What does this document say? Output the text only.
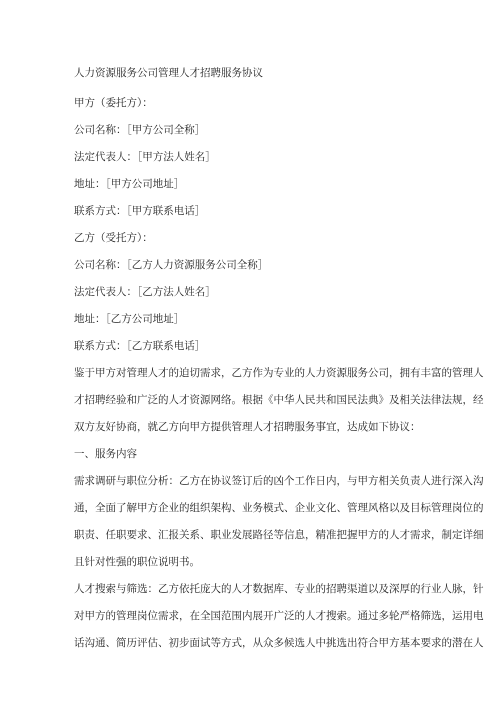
人力资源服务公司管理人才招聘服务协议
甲方（委托方）：
公司名称：［甲方公司全称］
法定代表人：［甲方法人姓名］
地址：［甲方公司地址］
联系方式：［甲方联系电话］
乙方（受托方）：
公司名称：［乙方人力资源服务公司全称］
法定代表人：［乙方法人姓名］
地址：［乙方公司地址］
联系方式：［乙方联系电话］
鉴于甲方对管理人才的迫切需求，乙方作为专业的人力资源服务公司，拥有丰富的管理人
才招聘经验和广泛的人才资源网络。根据《中华人民共和国民法典》及相关法律法规，经
双方友好协商，就乙方向甲方提供管理人才招聘服务事宜，达成如下协议：
一、服务内容
需求调研与职位分析：乙方在协议签订后的凶个工作日内，与甲方相关负责人进行深入沟
通，全面了解甲方企业的组织架构、业务模式、企业文化、管理风格以及目标管理岗位的
职责、任职要求、汇报关系、职业发展路径等信息，精准把握甲方的人才需求，制定详细
且针对性强的职位说明书。
人才搜索与筛选：乙方依托庞大的人才数据库、专业的招聘渠道以及深厚的行业人脉，针
对甲方的管理岗位需求，在全国范围内展开广泛的人才搜索。通过多轮严格筛选，运用电
话沟通、简历评估、初步面试等方式，从众多候选人中挑选出符合甲方基本要求的潜在人
